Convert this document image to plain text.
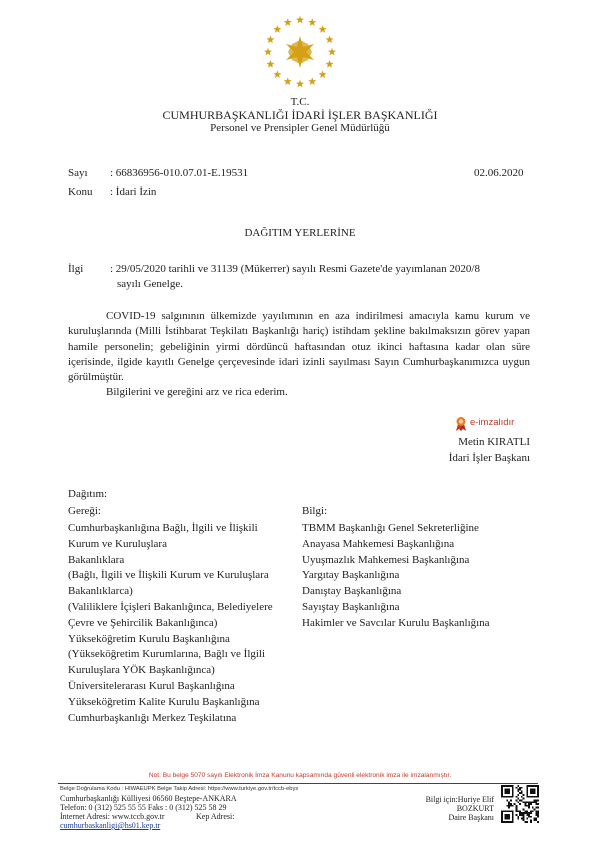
T.C.
CUMHURBAŞKANLIĞI İDARİ İŞLER BAŞKANLIĞI
Personel ve Prensipler Genel Müdürlüğü
Sayı : 66836956-010.07.01-E.19531	02.06.2020
Konu : İdari İzin
DAĞITIM YERLERİNE
İlgi : 29/05/2020 tarihli ve 31139 (Mükerrer) sayılı Resmi Gazete'de yayımlanan 2020/8
sayılı Genelge.

COVID-19 salgınının ülkemizde yayılımının en aza indirilmesi amacıyla kamu kurum ve kuruluşlarında (Milli İstihbarat Teşkilatı Başkanlığı hariç) istihdam şekline bakılmaksızın görev yapan hamile personelin; gebeliğinin yirmi dördüncü haftasından otuz ikinci haftasına kadar olan süre içerisinde, ilgide kayıtlı Genelge çerçevesinde idari izinli sayılması Sayın Cumhurbaşkanımızca uygun görülmüştür.

Bilgilerini ve gereğini arz ve rica ederim.

e-imzalıdır
Metin KIRATLI
İdari İşler Başkanı
Dağıtım:
Gereği:	Bilgi:
Cumhurbaşkanlığına Bağlı, İlgili ve İlişkili
Kurum ve Kuruluşlara
Bakanlıklara
(Bağlı, İlgili ve İlişkili Kurum ve Kuruluşlara
Bakanlıklarca)
(Valiliklere İçişleri Bakanlığınca, Belediyelere
Çevre ve Şehircilik Bakanlığınca)
Yükseköğretim Kurulu Başkanlığına
(Yükseköğretim Kurumlarına, Bağlı ve İlgili
Kuruluşlara YÖK Başkanlığınca)
Üniversitelerarası Kurul Başkanlığına
Yükseköğretim Kalite Kurulu Başkanlığına
Cumhurbaşkanlığı Merkez Teşkilatına
TBMM Başkanlığı Genel Sekreterliğine
Anayasa Mahkemesi Başkanlığına
Uyuşmazlık Mahkemesi Başkanlığına
Yargıtay Başkanlığına
Danıştay Başkanlığına
Sayıştay Başkanlığına
Hakimler ve Savcılar Kurulu Başkanlığına
Not: Bu belge 5070 sayılı Elektronik İmza Kanunu kapsamında güvenli elektronik imza ile imzalanmıştır.
Belge Doğrulama Kodu : HIWAEUPK Belge Takip Adresi: https://www.turkiye.gov.tr/tccb-ebys
Cumhurbaşkanlığı Külliyesi 06560 Beştepe-ANKARA
Telefon: 0 (312) 525 55 55 Faks : 0 (312) 525 58 29
İnternet Adresi: www.tccb.gov.tr	Kep Adresi:
cumhurbaskanligi@hs01.kep.tr
Bilgi için:Huriye Elif
BOZKURT
Daire Başkanı
